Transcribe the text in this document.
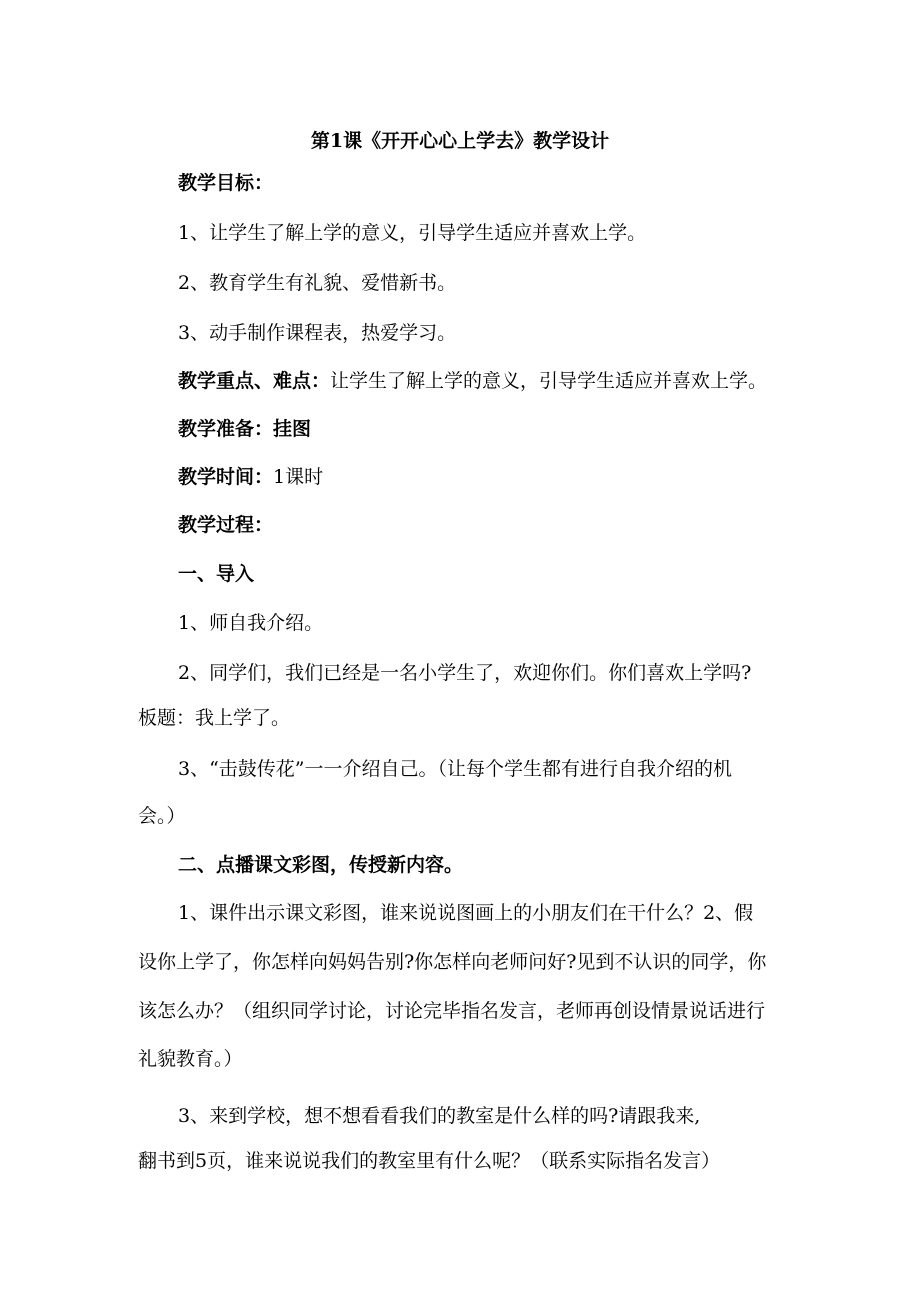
第1课《开开心心上学去》教学设计
教学目标：
1、让学生了解上学的意义，引导学生适应并喜欢上学。
2、教育学生有礼貌、爱惜新书。
3、动手制作课程表，热爱学习。
教学重点、难点：让学生了解上学的意义，引导学生适应并喜欢上学。
教学准备：挂图
教学时间：1课时
教学过程：
一、导入
1、师自我介绍。
2、同学们，我们已经是一名小学生了，欢迎你们。你们喜欢上学吗?
板题：我上学了。
3、“击鼓传花”一一介绍自己。（让每个学生都有进行自我介绍的机
会。）
二、点播课文彩图，传授新内容。
1、课件出示课文彩图，谁来说说图画上的小朋友们在干什么？2、假
设你上学了，你怎样向妈妈告别?你怎样向老师问好?见到不认识的同学，你
该怎么办？（组织同学讨论，讨论完毕指名发言，老师再创设情景说话进行
礼貌教育。）
3、来到学校，想不想看看我们的教室是什么样的吗?请跟我来,
翻书到5页，谁来说说我们的教室里有什么呢？（联系实际指名发言）
